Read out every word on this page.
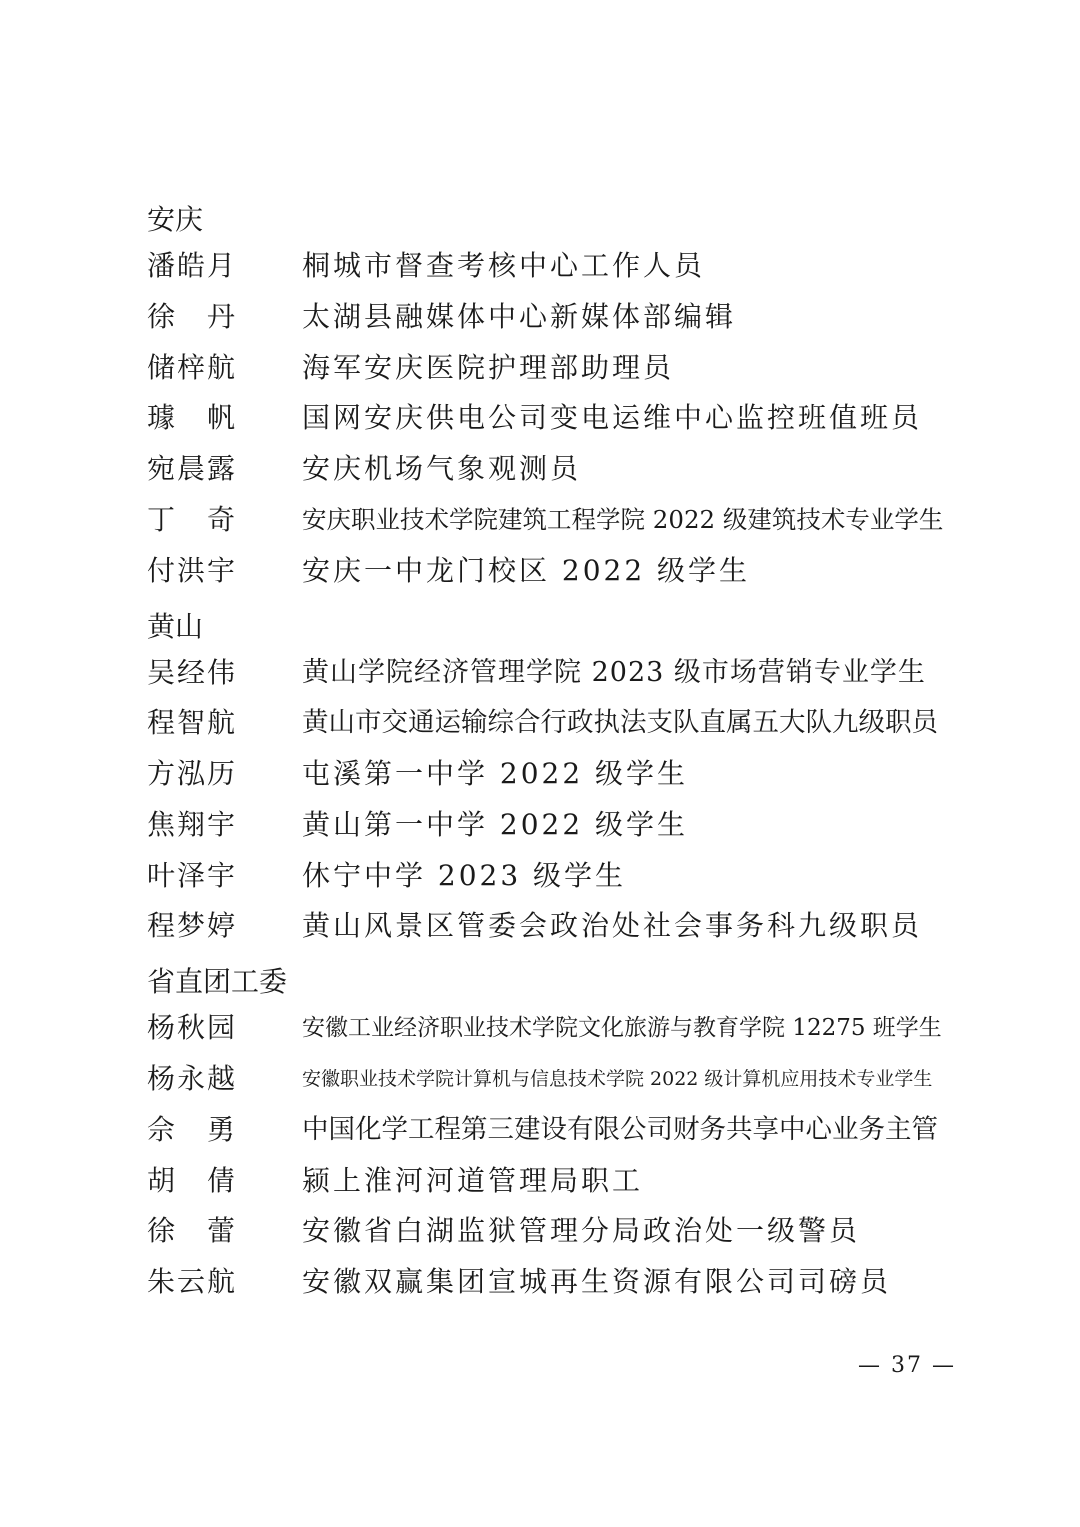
安庆
潘皓月 桐城市督查考核中心工作人员
徐　丹 太湖县融媒体中心新媒体部编辑
储梓航 海军安庆医院护理部助理员
璩　帆 国网安庆供电公司变电运维中心监控班值班员
宛晨露 安庆机场气象观测员
丁　奇	安庆职业技术学院建筑工程学院 2022 级建筑技术专业学生
付洪宇 安庆一中龙门校区 2022 级学生
黄山
吴经伟 黄山学院经济管理学院 2023 级市场营销专业学生
程智航 黄山市交通运输综合行政执法支队直属五大队九级职员
方泓历 屯溪第一中学 2022 级学生
焦翔宇 黄山第一中学 2022 级学生
叶泽宇 休宁中学 2023 级学生
程梦婷 黄山风景区管委会政治处社会事务科九级职员
省直团工委
杨秋园	安徽工业经济职业技术学院文化旅游与教育学院 12275 班学生
杨永越	安徽职业技术学院计算机与信息技术学院 2022 级计算机应用技术专业学生
佘　勇 中国化学工程第三建设有限公司财务共享中心业务主管
胡　倩 颍上淮河河道管理局职工
徐　蕾 安徽省白湖监狱管理分局政治处一级警员
朱云航 安徽双赢集团宣城再生资源有限公司司磅员
— 37 —
